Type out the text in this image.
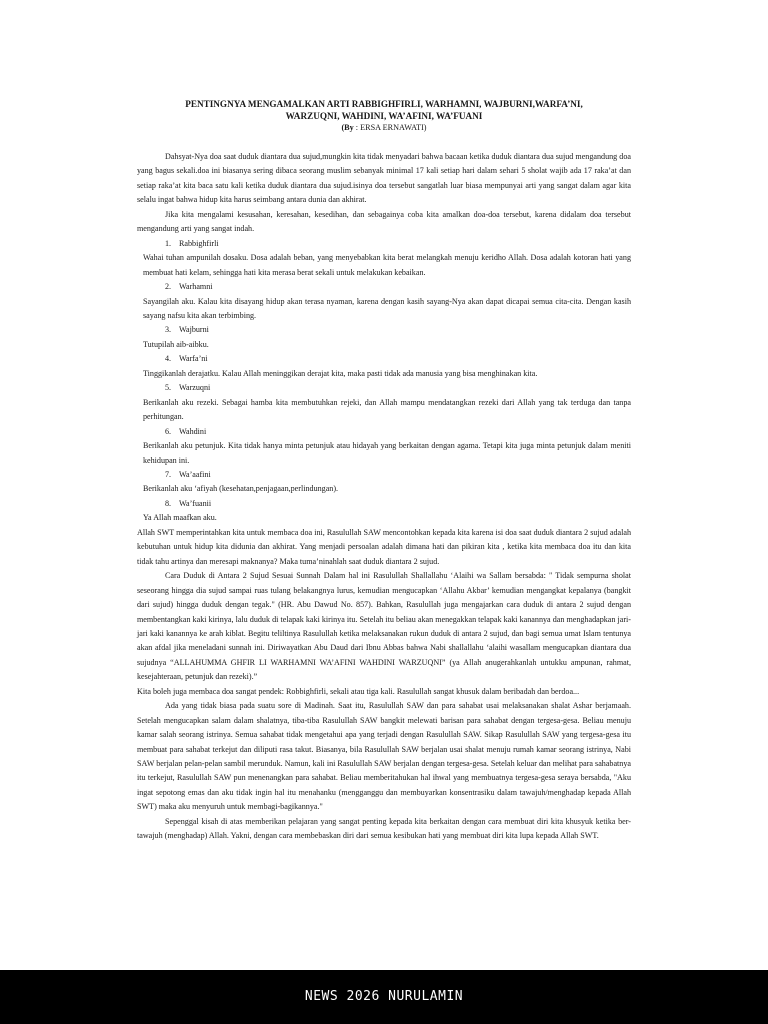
PENTINGNYA MENGAMALKAN ARTI RABBIGHFIRLI, WARHAMNI, WAJBURNI,WARFA’NI,

WARZUQNI, WAHDINI, WA’AFINI, WA’FUANI

(By : ERSA ERNAWATI)

Dahsyat-Nya doa saat duduk diantara dua sujud,mungkin kita tidak menyadari bahwa bacaan ketika duduk diantara dua sujud mengandung doa yang bagus sekali.doa ini biasanya sering dibaca seorang muslim sebanyak minimal 17 kali setiap hari dalam sehari 5 sholat wajib ada 17 raka’at dan setiap raka’at kita baca satu kali ketika duduk diantara dua sujud.isinya doa tersebut sangatlah luar biasa mempunyai arti yang sangat dalam agar kita selalu ingat bahwa hidup kita harus seimbang antara dunia dan akhirat.

Jika kita mengalami kesusahan, keresahan, kesedihan, dan sebagainya coba kita amalkan doa-doa tersebut, karena didalam doa tersebut mengandung arti yang sangat indah.

1. Rabbighfirli

Wahai tuhan ampunilah dosaku. Dosa adalah beban, yang menyebabkan kita berat melangkah menuju keridho Allah. Dosa adalah kotoran hati yang membuat hati kelam, sehingga hati kita merasa berat sekali untuk melakukan kebaikan.

2. Warhamni

Sayangilah aku. Kalau kita disayang hidup akan terasa nyaman, karena dengan kasih sayang-Nya akan dapat dicapai semua cita-cita. Dengan kasih sayang nafsu kita akan terbimbing.

3. Wajburni

Tutupilah aib-aibku.

4. Warfa’ni

Tinggikanlah derajatku. Kalau Allah meninggikan derajat kita, maka pasti tidak ada manusia yang bisa menghinakan kita.

5. Warzuqni

Berikanlah aku rezeki. Sebagai hamba kita membutuhkan rejeki, dan Allah mampu mendatangkan rezeki dari Allah yang tak terduga dan tanpa perhitungan.

6. Wahdini

Berikanlah aku petunjuk. Kita tidak hanya minta petunjuk atau hidayah yang berkaitan dengan agama. Tetapi kita juga minta petunjuk dalam meniti kehidupan ini.

7. Wa’aafini

Berikanlah aku ‘afiyah (kesehatan,penjagaan,perlindungan).

8. Wa’fuanii

Ya Allah maafkan aku.

Allah SWT memperintahkan kita untuk membaca doa ini, Rasulullah SAW mencontohkan kepada kita karena isi doa saat duduk diantara 2 sujud adalah kebutuhan untuk hidup kita didunia dan akhirat. Yang menjadi persoalan adalah dimana hati dan pikiran kita , ketika kita membaca doa itu dan kita tidak tahu artinya dan meresapi maknanya? Maka tuma’ninahlah saat duduk diantara 2 sujud.

Cara Duduk di Antara 2 Sujud Sesuai Sunnah Dalam hal ini Rasulullah Shallallahu ‘Alaihi wa Sallam bersabda: " Tidak sempurna sholat seseorang hingga dia sujud sampai ruas tulang belakangnya lurus, kemudian mengucapkan ‘Allahu Akbar’ kemudian mengangkat kepalanya (bangkit dari sujud) hingga duduk dengan tegak." (HR. Abu Dawud No. 857). Bahkan, Rasulullah juga mengajarkan cara duduk di antara 2 sujud dengan membentangkan kaki kirinya, lalu duduk di telapak kaki kirinya itu. Setelah itu beliau akan menegakkan telapak kaki kanannya dan menghadapkan jari-jari kaki kanannya ke arah kiblat. Begitu teliltinya Rasulullah ketika melaksanakan rukun duduk di antara 2 sujud, dan bagi semua umat Islam tentunya akan afdal jika meneladani sunnah ini. Diriwayatkan Abu Daud dari Ibnu Abbas bahwa Nabi shallallahu ‘alaihi wasallam mengucapkan diantara dua sujudnya “ALLAHUMMA GHFIR LI WARHAMNI WA’AFINI WAHDINI WARZUQNI” (ya Allah anugerahkanlah untukku ampunan, rahmat, kesejahteraan, petunjuk dan rezeki).”

Kita boleh juga membaca doa sangat pendek: Robbighfirli, sekali atau tiga kali. Rasulullah sangat khusuk dalam beribadah dan berdoa...

Ada yang tidak biasa pada suatu sore di Madinah. Saat itu, Rasulullah SAW dan para sahabat usai melaksanakan shalat Ashar berjamaah. Setelah mengucapkan salam dalam shalatnya, tiba-tiba Rasulullah SAW bangkit melewati barisan para sahabat dengan tergesa-gesa. Beliau menuju kamar salah seorang istrinya. Semua sahabat tidak mengetahui apa yang terjadi dengan Rasulullah SAW. Sikap Rasulullah SAW yang tergesa-gesa itu membuat para sahabat terkejut dan diliputi rasa takut. Biasanya, bila Rasulullah SAW berjalan usai shalat menuju rumah kamar seorang istrinya, Nabi SAW berjalan pelan-pelan sambil merunduk. Namun, kali ini Rasulullah SAW berjalan dengan tergesa-gesa. Setelah keluar dan melihat para sahabatnya itu terkejut, Rasulullah SAW pun menenangkan para sahabat. Beliau memberitahukan hal ihwal yang membuatnya tergesa-gesa seraya bersabda, "Aku ingat sepotong emas dan aku tidak ingin hal itu menahanku (mengganggu dan membuyarkan konsentrasiku dalam tawajuh/menghadap kepada Allah SWT) maka aku menyuruh untuk membagi-bagikannya."

Sepenggal kisah di atas memberikan pelajaran yang sangat penting kepada kita berkaitan dengan cara membuat diri kita khusyuk ketika ber-tawajuh (menghadap) Allah. Yakni, dengan cara membebaskan diri dari semua kesibukan hati yang membuat diri kita lupa kepada Allah SWT.

NEWS 2026 NURULAMIN
